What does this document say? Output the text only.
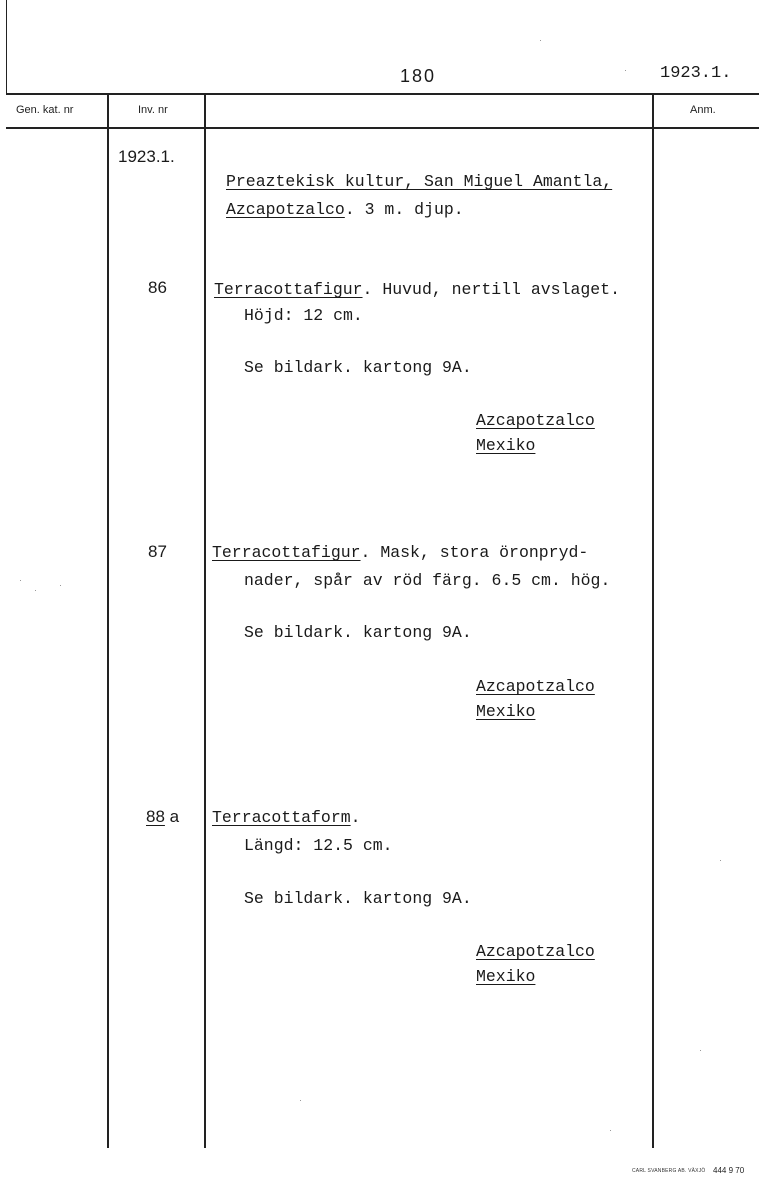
180	1923.1.
Gen. kat. nr	Inv. nr	Anm.
1923.1.
Preaztekisk kultur, San Miguel Amantla,
Azcapotzalco. 3 m. djup.
86	Terracottafigur. Huvud, nertill avslaget.
Höjd: 12 cm.
Se bildark. kartong 9A.
Azcapotzalco
Mexiko
87	Terracottafigur. Mask, stora öronpryd-
nader, spår av röd färg. 6.5 cm. hög.
Se bildark. kartong 9A.
Azcapotzalco
Mexiko
88 a Terracottaform.
Längd: 12.5 cm.
Se bildark. kartong 9A.
Azcapotzalco
Mexiko
CARL SVANBERG AB. VÄXJÖ 444 9 70
